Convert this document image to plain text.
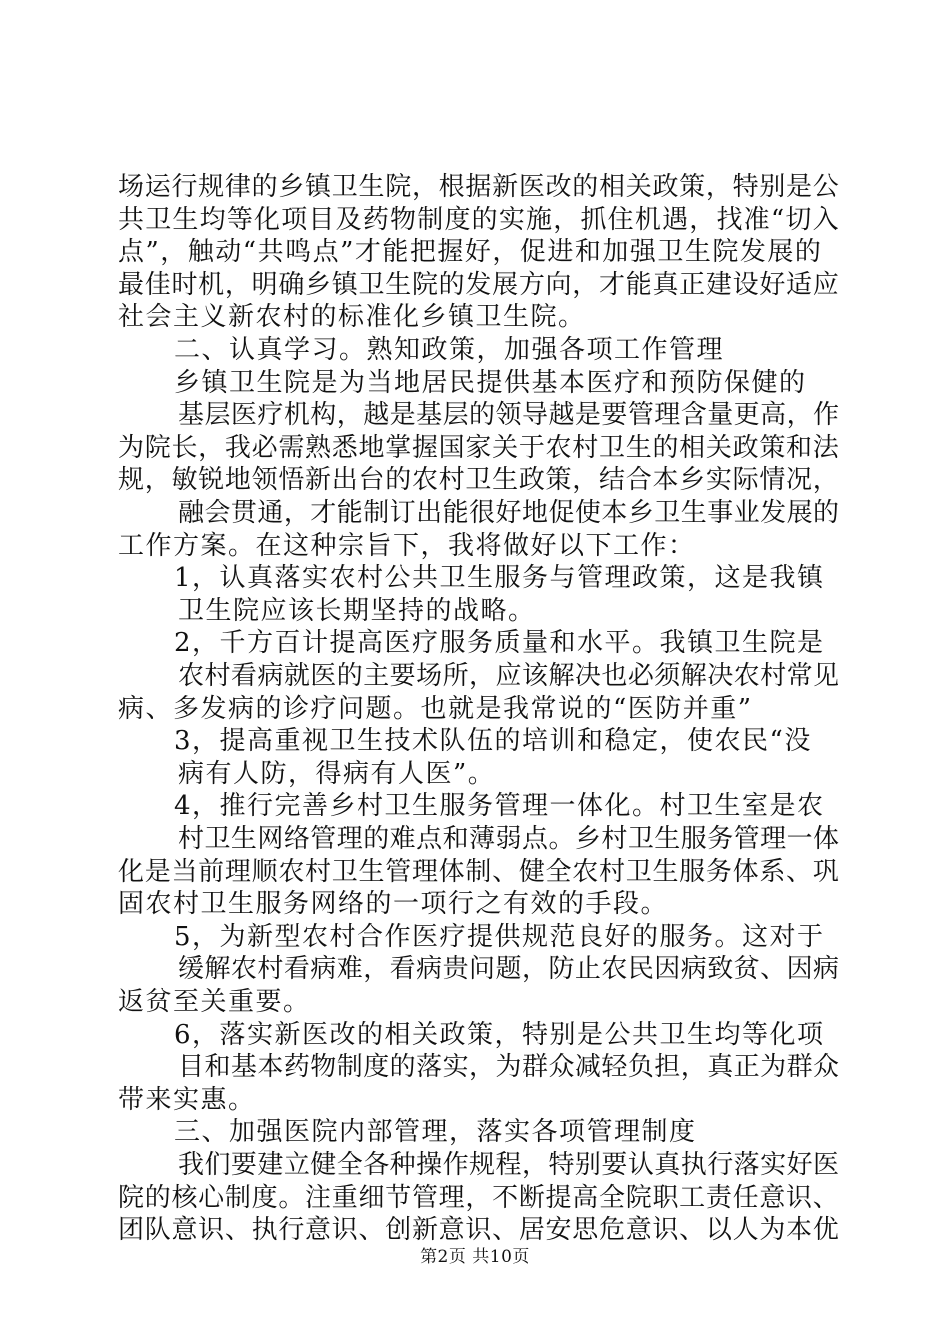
场运行规律的乡镇卫生院，根据新医改的相关政策，特别是公
共卫生均等化项目及药物制度的实施，抓住机遇，找准“切入
点”，触动“共鸣点”才能把握好，促进和加强卫生院发展的
最佳时机，明确乡镇卫生院的发展方向，才能真正建设好适应
社会主义新农村的标准化乡镇卫生院。
二、认真学习。熟知政策，加强各项工作管理
乡镇卫生院是为当地居民提供基本医疗和预防保健的
基层医疗机构，越是基层的领导越是要管理含量更高，作
为院长，我必需熟悉地掌握国家关于农村卫生的相关政策和法
规，敏锐地领悟新出台的农村卫生政策，结合本乡实际情况，
融会贯通，才能制订出能很好地促使本乡卫生事业发展的
工作方案。在这种宗旨下，我将做好以下工作：
1，认真落实农村公共卫生服务与管理政策，这是我镇
卫生院应该长期坚持的战略。
2，千方百计提高医疗服务质量和水平。我镇卫生院是
农村看病就医的主要场所，应该解决也必须解决农村常见
病、多发病的诊疗问题。也就是我常说的“医防并重”
3，提高重视卫生技术队伍的培训和稳定，使农民“没
病有人防，得病有人医”。
4，推行完善乡村卫生服务管理一体化。村卫生室是农
村卫生网络管理的难点和薄弱点。乡村卫生服务管理一体
化是当前理顺农村卫生管理体制、健全农村卫生服务体系、巩
固农村卫生服务网络的一项行之有效的手段。
5，为新型农村合作医疗提供规范良好的服务。这对于
缓解农村看病难，看病贵问题，防止农民因病致贫、因病
返贫至关重要。
6，落实新医改的相关政策，特别是公共卫生均等化项
目和基本药物制度的落实，为群众减轻负担，真正为群众
带来实惠。
三、加强医院内部管理，落实各项管理制度
我们要建立健全各种操作规程，特别要认真执行落实好医
院的核心制度。注重细节管理，不断提高全院职工责任意识、
团队意识、执行意识、创新意识、居安思危意识、以人为本优
第2页 共10页
